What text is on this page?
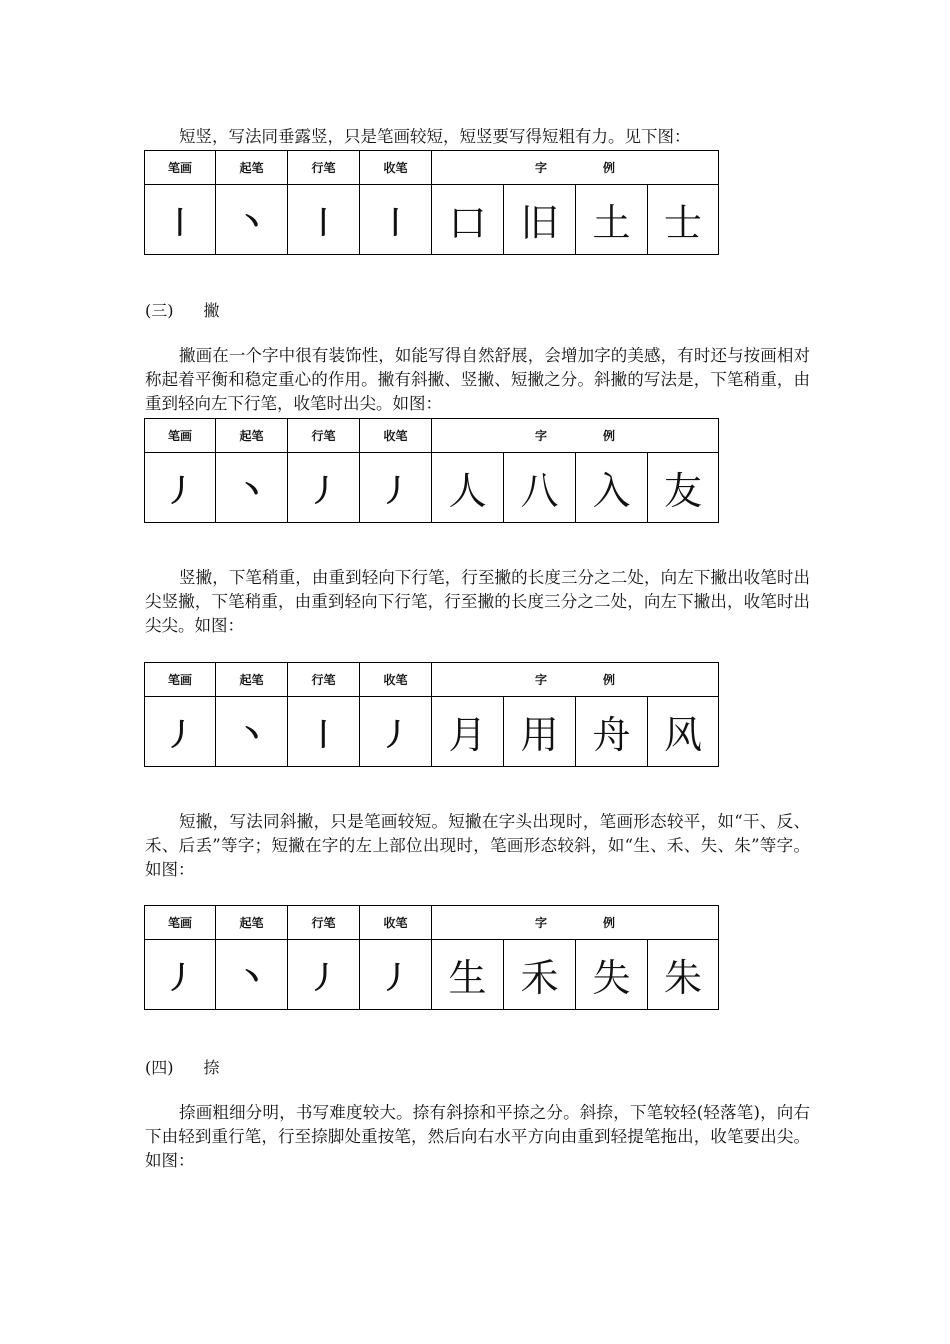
短竖，写法同垂露竖，只是笔画较短，短竖要写得短粗有力。见下图：

笔画	起笔	行笔	收笔	字 例			
丨	丶	丨	丨	口	旧	土	士

(三) 撇

撇画在一个字中很有装饰性，如能写得自然舒展，会增加字的美感，有时还与按画相对称起着平衡和稳定重心的作用。撇有斜撇、竖撇、短撇之分。斜撇的写法是，下笔稍重，由重到轻向左下行笔，收笔时出尖。如图：

笔画	起笔	行笔	收笔	字 例			
丿	丶	丿	丿	人	八	入	友

竖撇，下笔稍重，由重到轻向下行笔，行至撇的长度三分之二处，向左下撇出收笔时出尖竖撇，下笔稍重，由重到轻向下行笔，行至撇的长度三分之二处，向左下撇出，收笔时出尖尖。如图：

笔画	起笔	行笔	收笔	字 例			
丿	丶	丨	丿	月	用	舟	风

短撇，写法同斜撇，只是笔画较短。短撇在字头出现时，笔画形态较平，如“干、反、禾、后丢”等字；短撇在字的左上部位出现时，笔画形态较斜，如“生、禾、失、朱”等字。如图：

笔画	起笔	行笔	收笔	字 例			
丿	丶	丿	丿	生	禾	失	朱

(四) 捺

捺画粗细分明，书写难度较大。捺有斜捺和平捺之分。斜捺，下笔较轻(轻落笔)，向右下由轻到重行笔，行至捺脚处重按笔，然后向右水平方向由重到轻提笔拖出，收笔要出尖。如图：
